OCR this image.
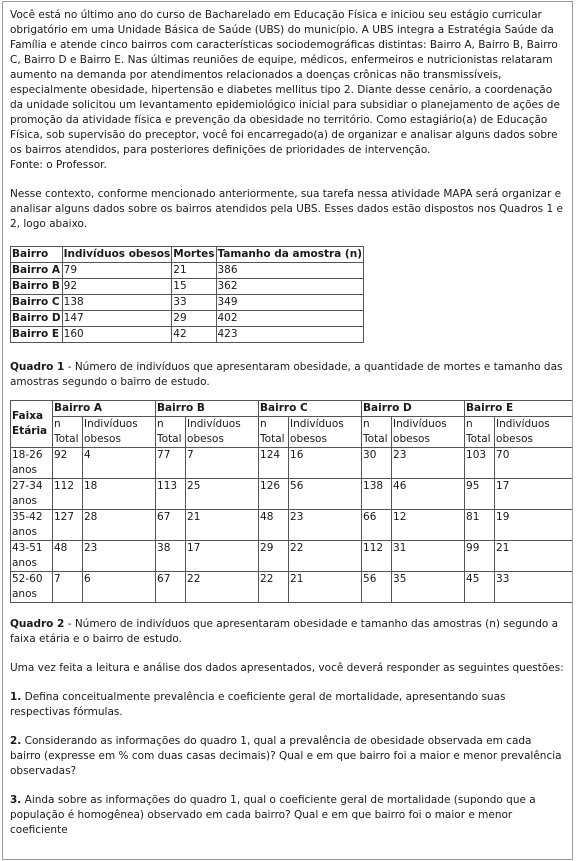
Você está no último ano do curso de Bacharelado em Educação Física e iniciou seu estágio curricular obrigatório em uma Unidade Básica de Saúde (UBS) do município. A UBS integra a Estratégia Saúde da Família e atende cinco bairros com características sociodemográficas distintas: Bairro A, Bairro B, Bairro C, Bairro D e Bairro E. Nas últimas reuniões de equipe, médicos, enfermeiros e nutricionistas relataram aumento na demanda por atendimentos relacionados a doenças crônicas não transmissíveis, especialmente obesidade, hipertensão e diabetes mellitus tipo 2. Diante desse cenário, a coordenação da unidade solicitou um levantamento epidemiológico inicial para subsidiar o planejamento de ações de promoção da atividade física e prevenção da obesidade no território. Como estagiário(a) de Educação Física, sob supervisão do preceptor, você foi encarregado(a) de organizar e analisar alguns dados sobre os bairros atendidos, para posteriores definições de prioridades de intervenção.
Fonte: o Professor.

Nesse contexto, conforme mencionado anteriormente, sua tarefa nessa atividade MAPA será organizar e analisar alguns dados sobre os bairros atendidos pela UBS. Esses dados estão dispostos nos Quadros 1 e 2, logo abaixo.

Bairro	Indivíduos obesos	Mortes	Tamanho da amostra (n)
Bairro A	79	21	386
Bairro B	92	15	362
Bairro C	138	33	349
Bairro D	147	29	402
Bairro E	160	42	423

Quadro 1 - Número de indivíduos que apresentaram obesidade, a quantidade de mortes e tamanho das amostras segundo o bairro de estudo.

Faixa Etária	Bairro A		Bairro B		Bairro C		Bairro D		Bairro E	
	n Total	Indivíduos obesos	n Total	Indivíduos obesos	n Total	Indivíduos obesos	n Total	Indivíduos obesos	n Total	Indivíduos obesos
18-26 anos	92	4	77	7	124	16	30	23	103	70
27-34 anos	112	18	113	25	126	56	138	46	95	17
35-42 anos	127	28	67	21	48	23	66	12	81	19
43-51 anos	48	23	38	17	29	22	112	31	99	21
52-60 anos	7	6	67	22	22	21	56	35	45	33

Quadro 2 - Número de indivíduos que apresentaram obesidade e tamanho das amostras (n) segundo a faixa etária e o bairro de estudo.

Uma vez feita a leitura e análise dos dados apresentados, você deverá responder as seguintes questões:

1. Defina conceitualmente prevalência e coeficiente geral de mortalidade, apresentando suas respectivas fórmulas.

2. Considerando as informações do quadro 1, qual a prevalência de obesidade observada em cada bairro (expresse em % com duas casas decimais)? Qual e em que bairro foi a maior e menor prevalência observadas?

3. Ainda sobre as informações do quadro 1, qual o coeficiente geral de mortalidade (supondo que a população é homogênea) observado em cada bairro? Qual e em que bairro foi o maior e menor coeficiente
